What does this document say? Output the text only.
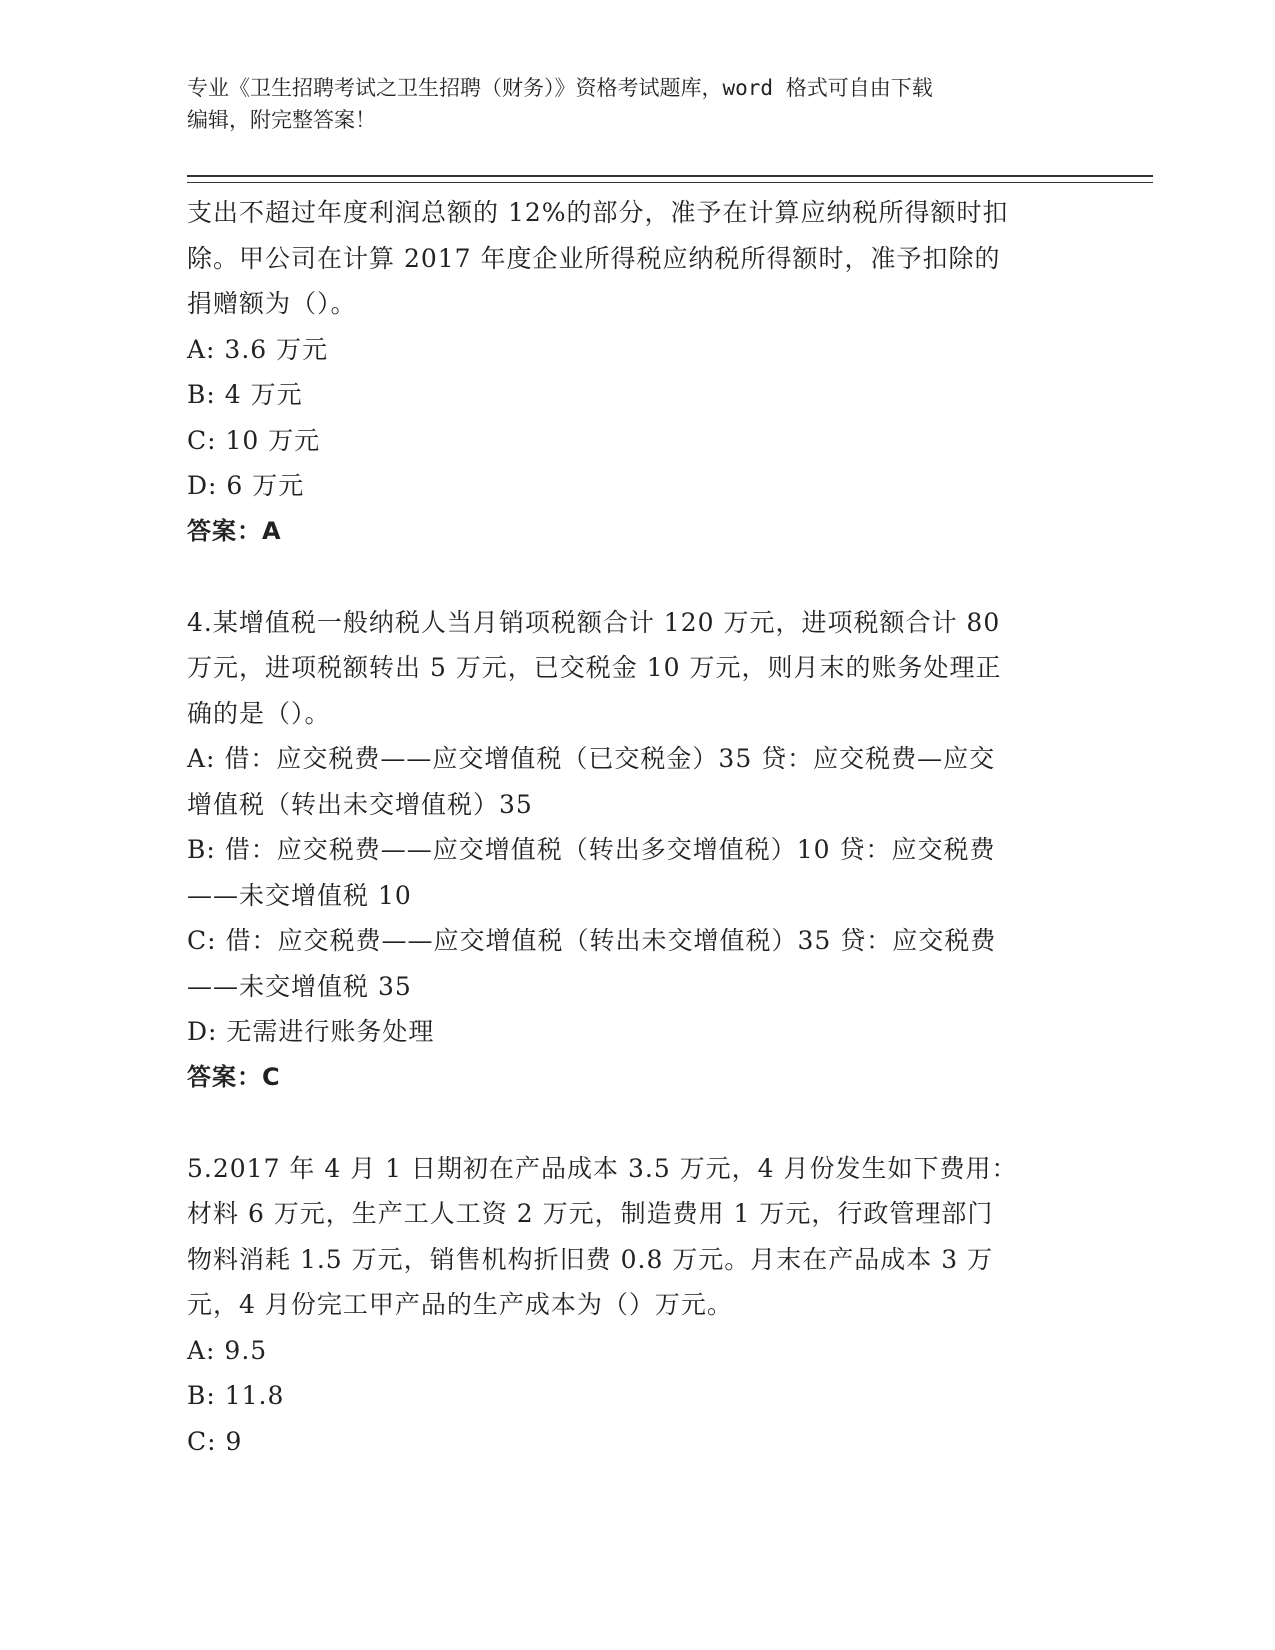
专业《卫生招聘考试之卫生招聘（财务）》资格考试题库，word 格式可自由下载
编辑，附完整答案！
支出不超过年度利润总额的 12%的部分，准予在计算应纳税所得额时扣
除。甲公司在计算 2017 年度企业所得税应纳税所得额时，准予扣除的
捐赠额为（）。
A: 3.6 万元
B: 4 万元
C: 10 万元
D: 6 万元
答案：A
4.某增值税一般纳税人当月销项税额合计 120 万元，进项税额合计 80
万元，进项税额转出 5 万元，已交税金 10 万元，则月末的账务处理正
确的是（）。
A: 借：应交税费——应交增值税（已交税金）35 贷：应交税费—应交
增值税（转出未交增值税）35
B: 借：应交税费——应交增值税（转出多交增值税）10 贷：应交税费
——未交增值税 10
C: 借：应交税费——应交增值税（转出未交增值税）35 贷：应交税费
——未交增值税 35
D: 无需进行账务处理
答案：C
5.2017 年 4 月 1 日期初在产品成本 3.5 万元，4 月份发生如下费用：
材料 6 万元，生产工人工资 2 万元，制造费用 1 万元，行政管理部门
物料消耗 1.5 万元，销售机构折旧费 0.8 万元。月末在产品成本 3 万
元，4 月份完工甲产品的生产成本为（）万元。
A: 9.5
B: 11.8
C: 9
